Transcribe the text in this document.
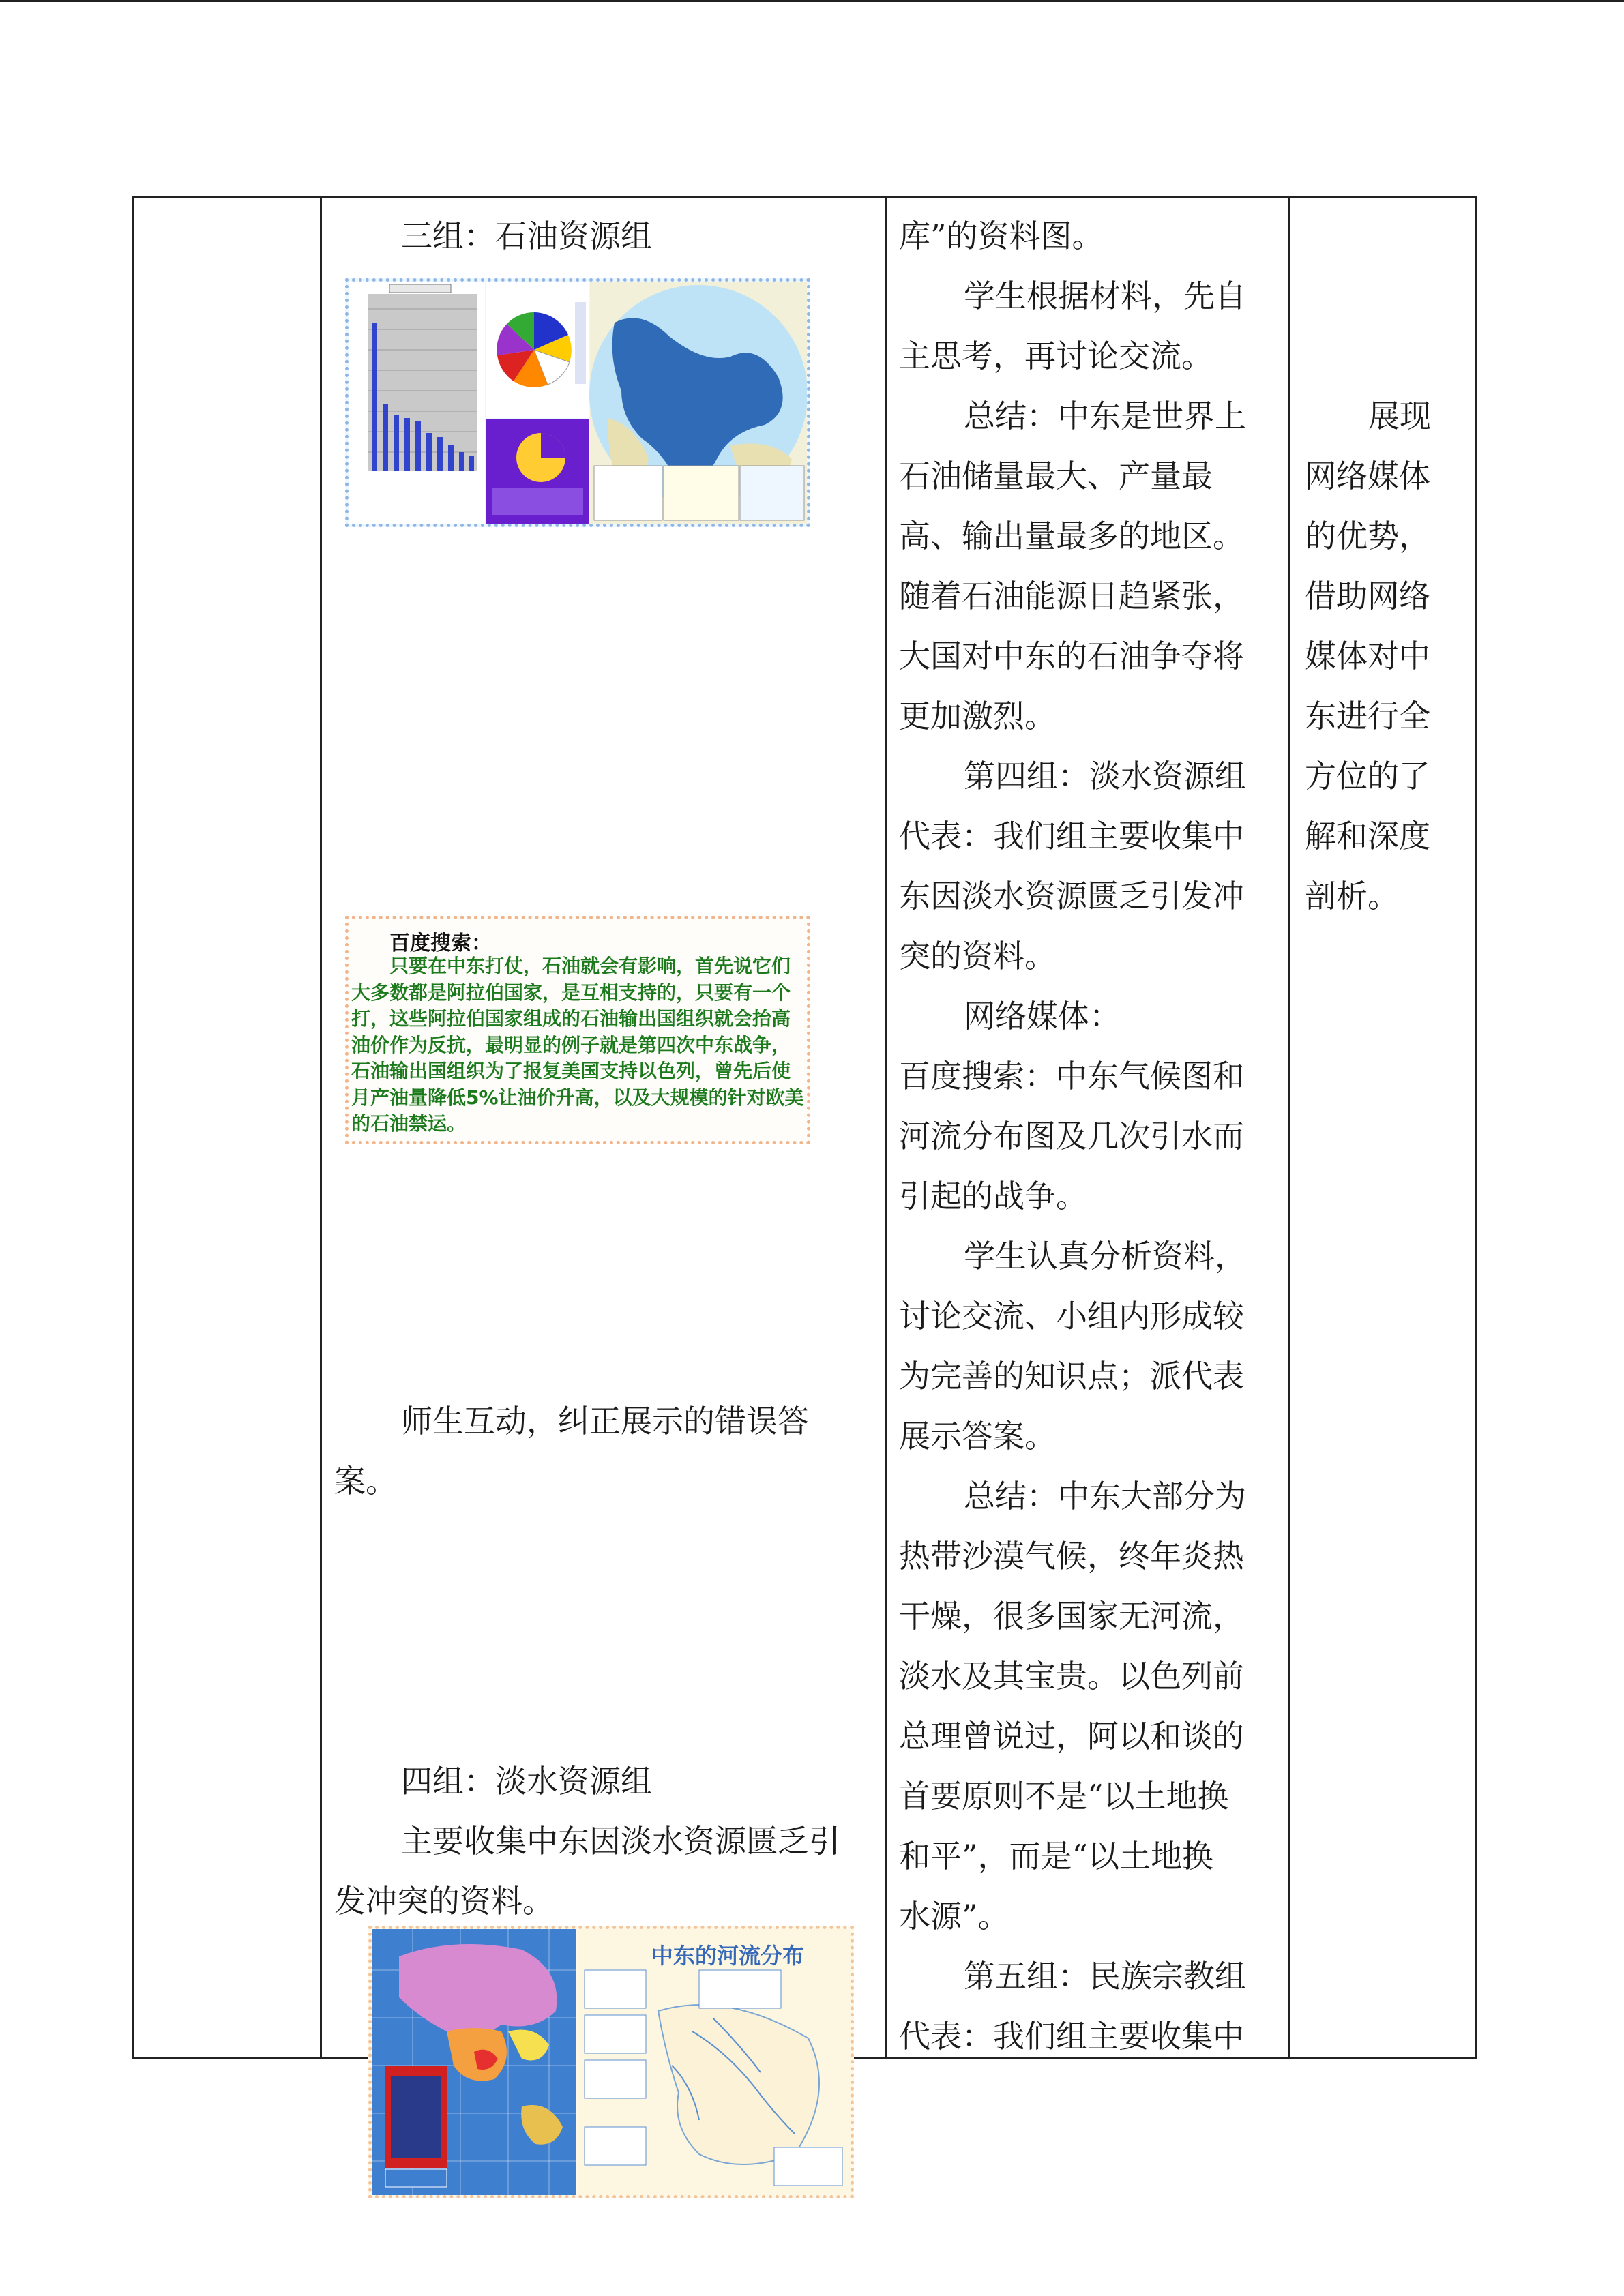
三组：石油资源组
百度搜索：
只要在中东打仗，石油就会有影响，首先说它们
大多数都是阿拉伯国家，是互相支持的，只要有一个
打，这些阿拉伯国家组成的石油输出国组织就会抬高
油价作为反抗，最明显的例子就是第四次中东战争，
石油输出国组织为了报复美国支持以色列，曾先后使
月产油量降低5%让油价升高，以及大规模的针对欧美
的石油禁运。
师生互动，纠正展示的错误答
案。
四组：淡水资源组
主要收集中东因淡水资源匮乏引
发冲突的资料。
中东的河流分布
库”的资料图。
学生根据材料，先自
主思考，再讨论交流。
总结：中东是世界上
石油储量最大、产量最
高、输出量最多的地区。
随着石油能源日趋紧张，
大国对中东的石油争夺将
更加激烈。
第四组：淡水资源组
代表：我们组主要收集中
东因淡水资源匮乏引发冲
突的资料。
网络媒体：
百度搜索：中东气候图和
河流分布图及几次引水而
引起的战争。
学生认真分析资料，
讨论交流、小组内形成较
为完善的知识点；派代表
展示答案。
总结：中东大部分为
热带沙漠气候，终年炎热
干燥，很多国家无河流，
淡水及其宝贵。以色列前
总理曾说过，阿以和谈的
首要原则不是“以土地换
和平”，而是“以土地换
水源”。
第五组：民族宗教组
代表：我们组主要收集中
展现
网络媒体
的优势，
借助网络
媒体对中
东进行全
方位的了
解和深度
剖析。
